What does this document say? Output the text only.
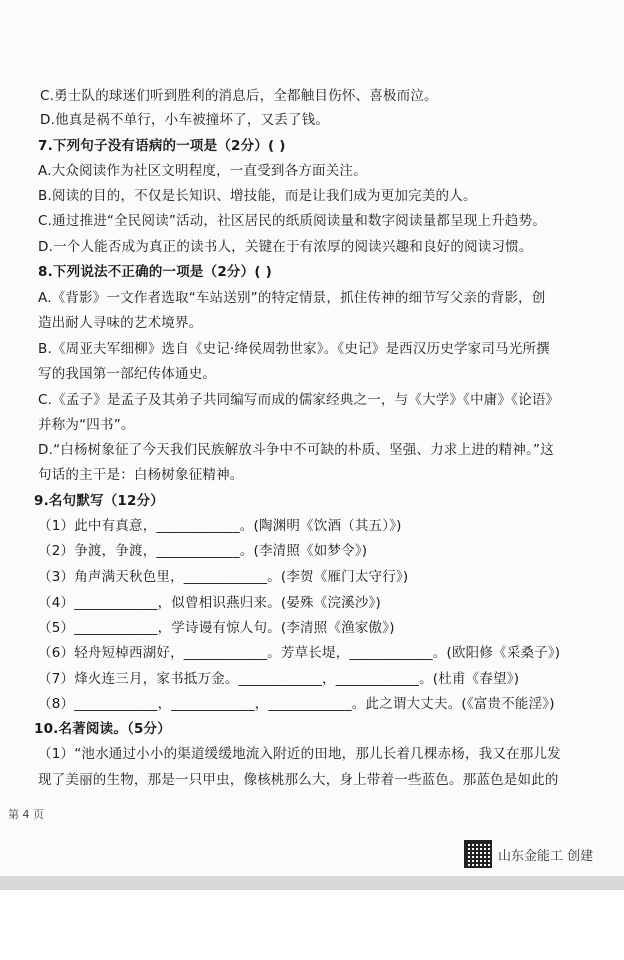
C.勇士队的球迷们听到胜利的消息后，全都触目伤怀、喜极而泣。
D.他真是祸不单行，小车被撞坏了，又丢了钱。
7.下列句子没有语病的一项是（2分）( )
A.大众阅读作为社区文明程度，一直受到各方面关注。
B.阅读的目的，不仅是长知识、增技能，而是让我们成为更加完美的人。
C.通过推进“全民阅读”活动，社区居民的纸质阅读量和数字阅读量都呈现上升趋势。
D.一个人能否成为真正的读书人，关键在于有浓厚的阅读兴趣和良好的阅读习惯。
8.下列说法不正确的一项是（2分）( )
A.《背影》一文作者选取“车站送别”的特定情景，抓住传神的细节写父亲的背影，创
造出耐人寻味的艺术境界。
B.《周亚夫军细柳》选自《史记·绛侯周勃世家》。《史记》是西汉历史学家司马光所撰
写的我国第一部纪传体通史。
C.《孟子》是孟子及其弟子共同编写而成的儒家经典之一，与《大学》《中庸》《论语》
并称为“四书”。
D.“白杨树象征了今天我们民族解放斗争中不可缺的朴质、坚强、力求上进的精神。”这
句话的主干是：白杨树象征精神。
9.名句默写（12分）
（1）此中有真意，____________。(陶渊明《饮酒（其五）》)
（2）争渡，争渡，____________。(李清照《如梦令》)
（3）角声满天秋色里，____________。(李贺《雁门太守行》)
（4）____________，似曾相识燕归来。(晏殊《浣溪沙》)
（5）____________，学诗谩有惊人句。(李清照《渔家傲》)
（6）轻舟短棹西湖好，____________。芳草长堤，____________。(欧阳修《采桑子》)
（7）烽火连三月，家书抵万金。____________，____________。(杜甫《春望》)
（8）____________，____________，____________。此之谓大丈夫。(《富贵不能淫》)
10.名著阅读。（5分）
（1）“池水通过小小的渠道缓缓地流入附近的田地，那儿长着几棵赤杨，我又在那儿发
现了美丽的生物，那是一只甲虫，像核桃那么大，身上带着一些蓝色。那蓝色是如此的
第 4 页
山东金能工 创建
